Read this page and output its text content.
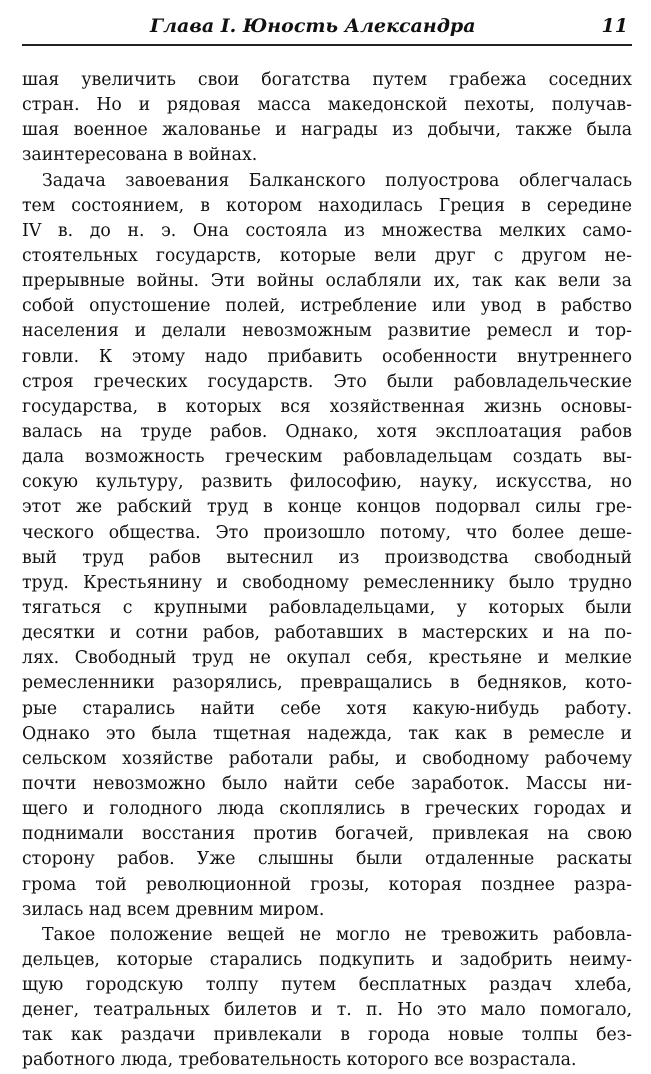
Глава I. Юность Александра	11
шая увеличить свои богатства путем грабежа соседних
стран. Но и рядовая масса македонской пехоты, получав-
шая военное жалованье и награды из добычи, также была
заинтересована в войнах.
Задача завоевания Балканского полуострова облегчалась
тем состоянием, в котором находилась Греция в середине
IV в. до н. э. Она состояла из множества мелких само-
стоятельных государств, которые вели друг с другом не-
прерывные войны. Эти войны ослабляли их, так как вели за
собой опустошение полей, истребление или увод в рабство
населения и делали невозможным развитие ремесл и тор-
говли. К этому надо прибавить особенности внутреннего
строя греческих государств. Это были рабовладельческие
государства, в которых вся хозяйственная жизнь основы-
валась на труде рабов. Однако, хотя эксплоатация рабов
дала возможность греческим рабовладельцам создать вы-
сокую культуру, развить философию, науку, искусства, но
этот же рабский труд в конце концов подорвал силы гре-
ческого общества. Это произошло потому, что более деше-
вый труд рабов вытеснил из производства свободный
труд. Крестьянину и свободному ремесленнику было трудно
тягаться с крупными рабовладельцами, у которых были
десятки и сотни рабов, работавших в мастерских и на по-
лях. Свободный труд не окупал себя, крестьяне и мелкие
ремесленники разорялись, превращались в бедняков, кото-
рые старались найти себе хотя какую-нибудь работу.
Однако это была тщетная надежда, так как в ремесле и
сельском хозяйстве работали рабы, и свободному рабочему
почти невозможно было найти себе заработок. Массы ни-
щего и голодного люда скоплялись в греческих городах и
поднимали восстания против богачей, привлекая на свою
сторону рабов. Уже слышны были отдаленные раскаты
грома той революционной грозы, которая позднее разра-
зилась над всем древним миром.
Такое положение вещей не могло не тревожить рабовла-
дельцев, которые старались подкупить и задобрить неиму-
щую городскую толпу путем бесплатных раздач хлеба,
денег, театральных билетов и т. п. Но это мало помогало,
так как раздачи привлекали в города новые толпы без-
работного люда, требовательность которого все возрастала.
